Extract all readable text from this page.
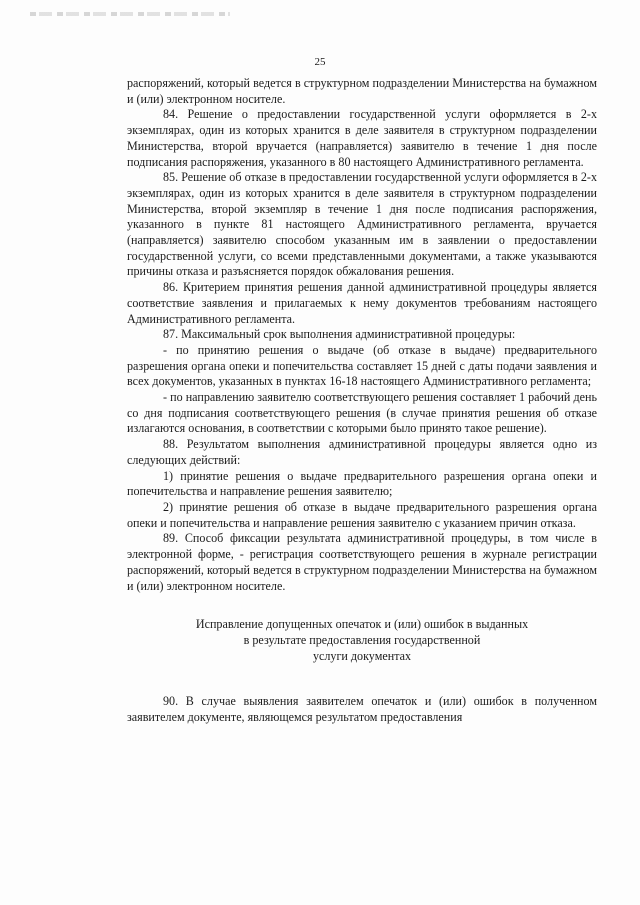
25

распоряжений, который ведется в структурном подразделении Министерства на бумажном и (или) электронном носителе.

84. Решение о предоставлении государственной услуги оформляется в 2-х экземплярах, один из которых хранится в деле заявителя в структурном подразделении Министерства, второй вручается (направляется) заявителю в течение 1 дня после подписания распоряжения, указанного в 80 настоящего Административного регламента.

85. Решение об отказе в предоставлении государственной услуги оформляется в 2-х экземплярах, один из которых хранится в деле заявителя в структурном подразделении Министерства, второй экземпляр в течение 1 дня после подписания распоряжения, указанного в пункте 81 настоящего Административного регламента, вручается (направляется) заявителю способом указанным им в заявлении о предоставлении государственной услуги, со всеми представленными документами, а также указываются причины отказа и разъясняется порядок обжалования решения.

86. Критерием принятия решения данной административной процедуры является соответствие заявления и прилагаемых к нему документов требованиям настоящего Административного регламента.

87. Максимальный срок выполнения административной процедуры:

- по принятию решения о выдаче (об отказе в выдаче) предварительного разрешения органа опеки и попечительства составляет 15 дней с даты подачи заявления и всех документов, указанных в пунктах 16-18 настоящего Административного регламента;

- по направлению заявителю соответствующего решения составляет 1 рабочий день со дня подписания соответствующего решения (в случае принятия решения об отказе излагаются основания, в соответствии с которыми было принято такое решение).

88. Результатом выполнения административной процедуры является одно из следующих действий:

1) принятие решения о выдаче предварительного разрешения органа опеки и попечительства и направление решения заявителю;

2) принятие решения об отказе в выдаче предварительного разрешения органа опеки и попечительства и направление решения заявителю с указанием причин отказа.

89. Способ фиксации результата административной процедуры, в том числе в электронной форме, - регистрация соответствующего решения в журнале регистрации распоряжений, который ведется в структурном подразделении Министерства на бумажном и (или) электронном носителе.

Исправление допущенных опечаток и (или) ошибок в выданных
в результате предоставления государственной
услуги документах

90. В случае выявления заявителем опечаток и (или) ошибок в полученном заявителем документе, являющемся результатом предоставления
